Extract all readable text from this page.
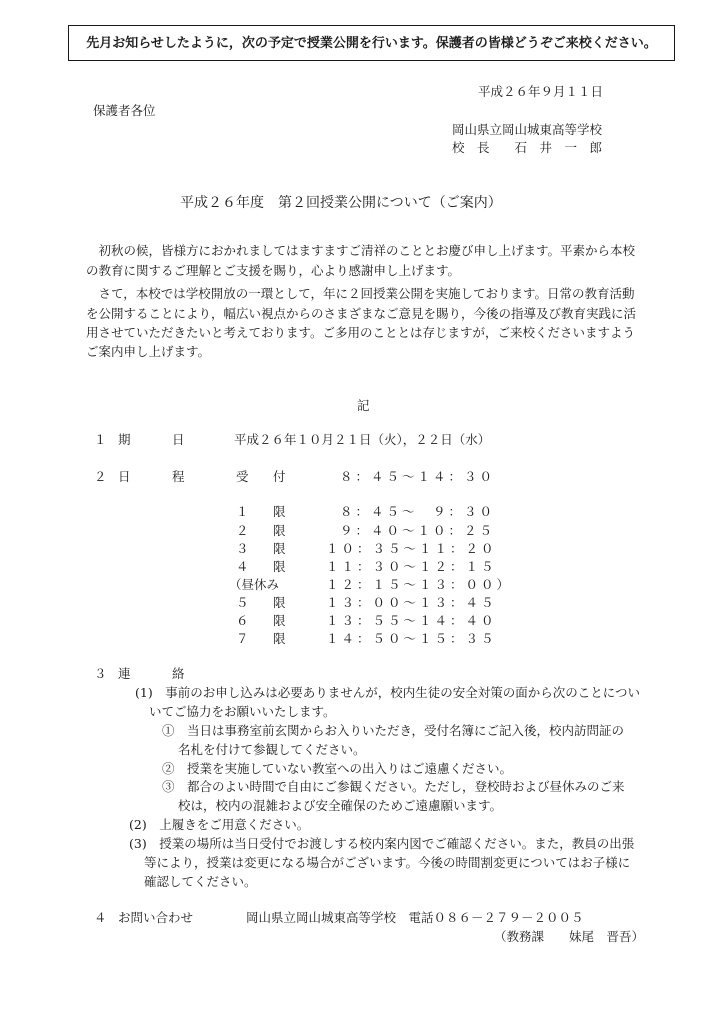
先月お知らせしたように，次の予定で授業公開を行います。保護者の皆様どうぞご来校ください。
平成２６年９月１１日
保護者各位
岡山県立岡山城東高等学校
校　長　　石　井　一　郎
平成２６年度　第２回授業公開について（ご案内）
　初秋の候，皆様方におかれましてはますますご清祥のこととお慶び申し上げます。平素から本校
の教育に関するご理解とご支援を賜り，心より感謝申し上げます。
　さて，本校では学校開放の一環として，年に２回授業公開を実施しております。日常の教育活動
を公開することにより，幅広い視点からのさまざまなご意見を賜り，今後の指導及び教育実践に活
用させていただきたいと考えております。ご多用のこととは存じますが，ご来校くださいますよう
ご案内申し上げます。
記
１ 期	日	平成２６年１０月２１日（火），２２日（水）
２ 日	程	受 付	８：４５～１４：３０
１ 限	８：４５～　９：３０
２ 限	９：４０～１０：２５
３ 限	１０：３５～１１：２０
４ 限	１１：３０～１２：１５
（昼休み	１２：１５～１３：００）
５ 限	１３：００～１３：４５
６ 限	１３：５５～１４：４０
７ 限	１４：５０～１５：３５
３ 連	絡
(1)　事前のお申し込みは必要ありませんが，校内生徒の安全対策の面から次のことについ
いてご協力をお願いいたします。
①　当日は事務室前玄関からお入りいただき，受付名簿にご記入後，校内訪問証の
名札を付けて参観してください。
②　授業を実施していない教室への出入りはご遠慮ください。
③　都合のよい時間で自由にご参観ください。ただし，登校時および昼休みのご来
校は，校内の混雑および安全確保のためご遠慮願います。
(2)　上履きをご用意ください。
(3)　授業の場所は当日受付でお渡しする校内案内図でご確認ください。また，教員の出張
等により，授業は変更になる場合がございます。今後の時間割変更についてはお子様に
確認してください。
４ お問い合わせ	岡山県立岡山城東高等学校　電話０８６－２７９－２００５
（教務課　　妹尾　晋吾）
